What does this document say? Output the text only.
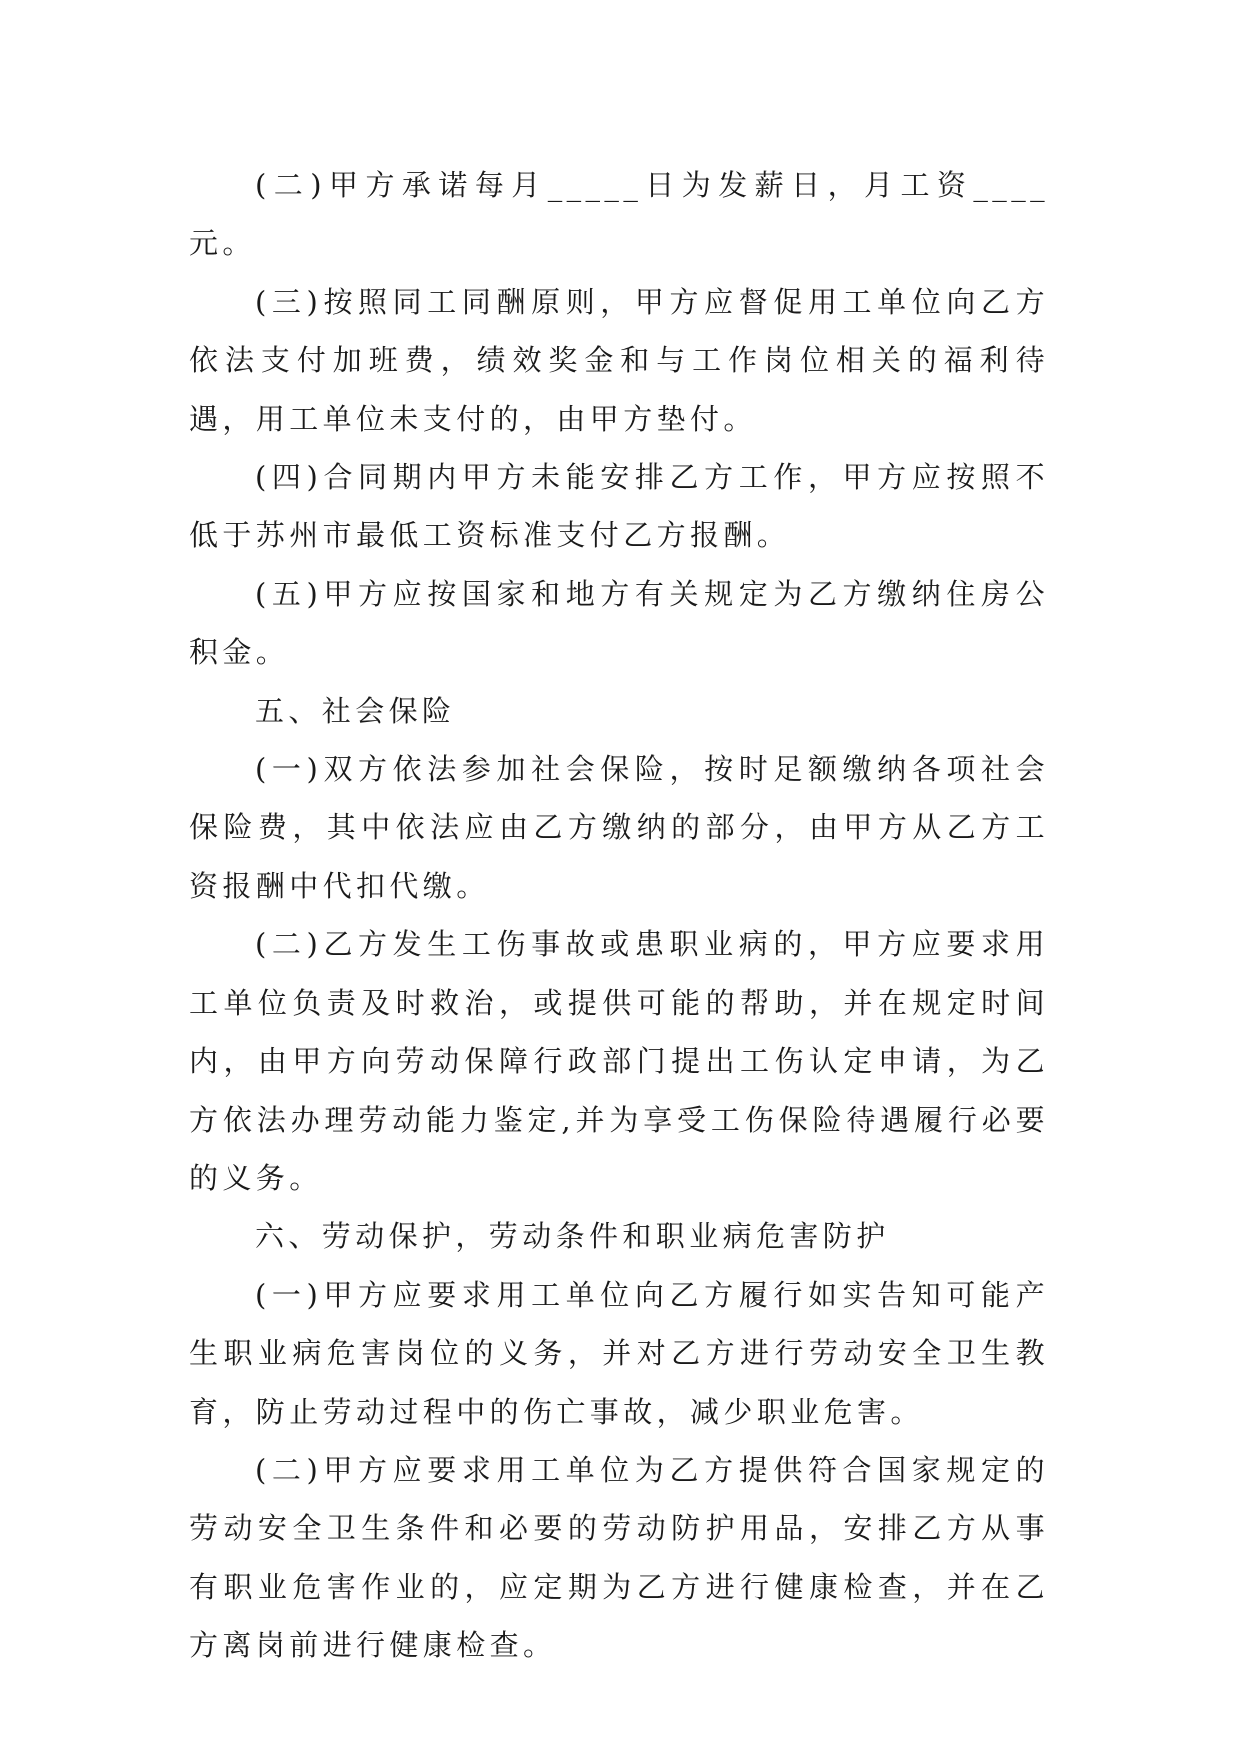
(二)甲方承诺每月_____日为发薪日，月工资____元。

(三)按照同工同酬原则，甲方应督促用工单位向乙方依法支付加班费，绩效奖金和与工作岗位相关的福利待遇，用工单位未支付的，由甲方垫付。

(四)合同期内甲方未能安排乙方工作，甲方应按照不低于苏州市最低工资标准支付乙方报酬。

(五)甲方应按国家和地方有关规定为乙方缴纳住房公积金。

五、社会保险

(一)双方依法参加社会保险，按时足额缴纳各项社会保险费，其中依法应由乙方缴纳的部分，由甲方从乙方工资报酬中代扣代缴。

(二)乙方发生工伤事故或患职业病的，甲方应要求用工单位负责及时救治，或提供可能的帮助，并在规定时间内，由甲方向劳动保障行政部门提出工伤认定申请，为乙方依法办理劳动能力鉴定,并为享受工伤保险待遇履行必要的义务。

六、劳动保护，劳动条件和职业病危害防护

(一)甲方应要求用工单位向乙方履行如实告知可能产生职业病危害岗位的义务，并对乙方进行劳动安全卫生教育，防止劳动过程中的伤亡事故，减少职业危害。

(二)甲方应要求用工单位为乙方提供符合国家规定的劳动安全卫生条件和必要的劳动防护用品，安排乙方从事有职业危害作业的，应定期为乙方进行健康检查，并在乙方离岗前进行健康检查。
